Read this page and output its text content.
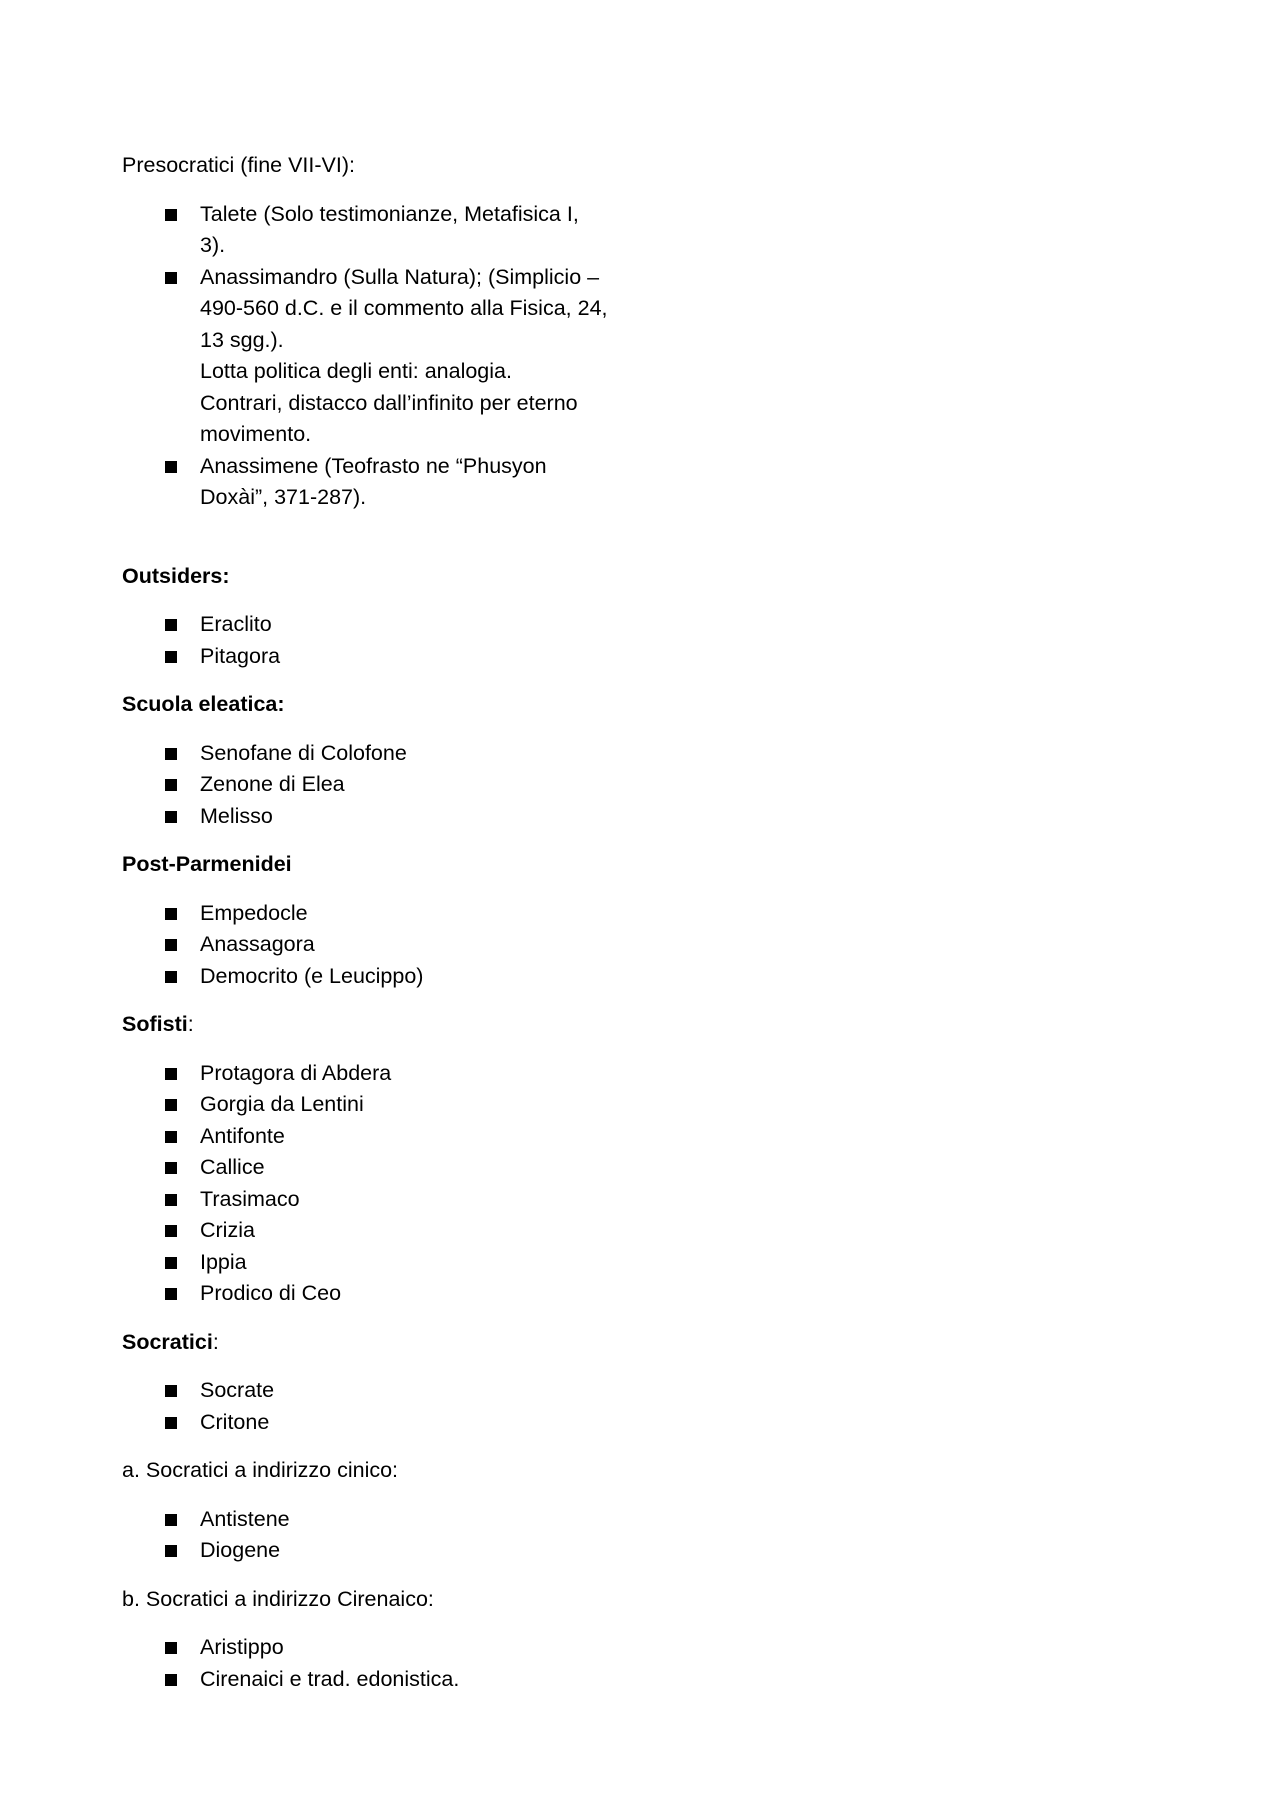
Presocratici (fine VII-VI):
Talete (Solo testimonianze, Metafisica I,
3).
Anassimandro (Sulla Natura); (Simplicio –
490-560 d.C. e il commento alla Fisica, 24,
13 sgg.).
Lotta politica degli enti: analogia.
Contrari, distacco dall’infinito per eterno
movimento.
Anassimene (Teofrasto ne “Phusyon
Doxài”, 371-287).
Outsiders:
Eraclito
Pitagora
Scuola eleatica:
Senofane di Colofone
Zenone di Elea
Melisso
Post-Parmenidei
Empedocle
Anassagora
Democrito (e Leucippo)
Sofisti:
Protagora di Abdera
Gorgia da Lentini
Antifonte
Callice
Trasimaco
Crizia
Ippia
Prodico di Ceo
Socratici:
Socrate
Critone
a. Socratici a indirizzo cinico:
Antistene
Diogene
b. Socratici a indirizzo Cirenaico:
Aristippo
Cirenaici e trad. edonistica.
